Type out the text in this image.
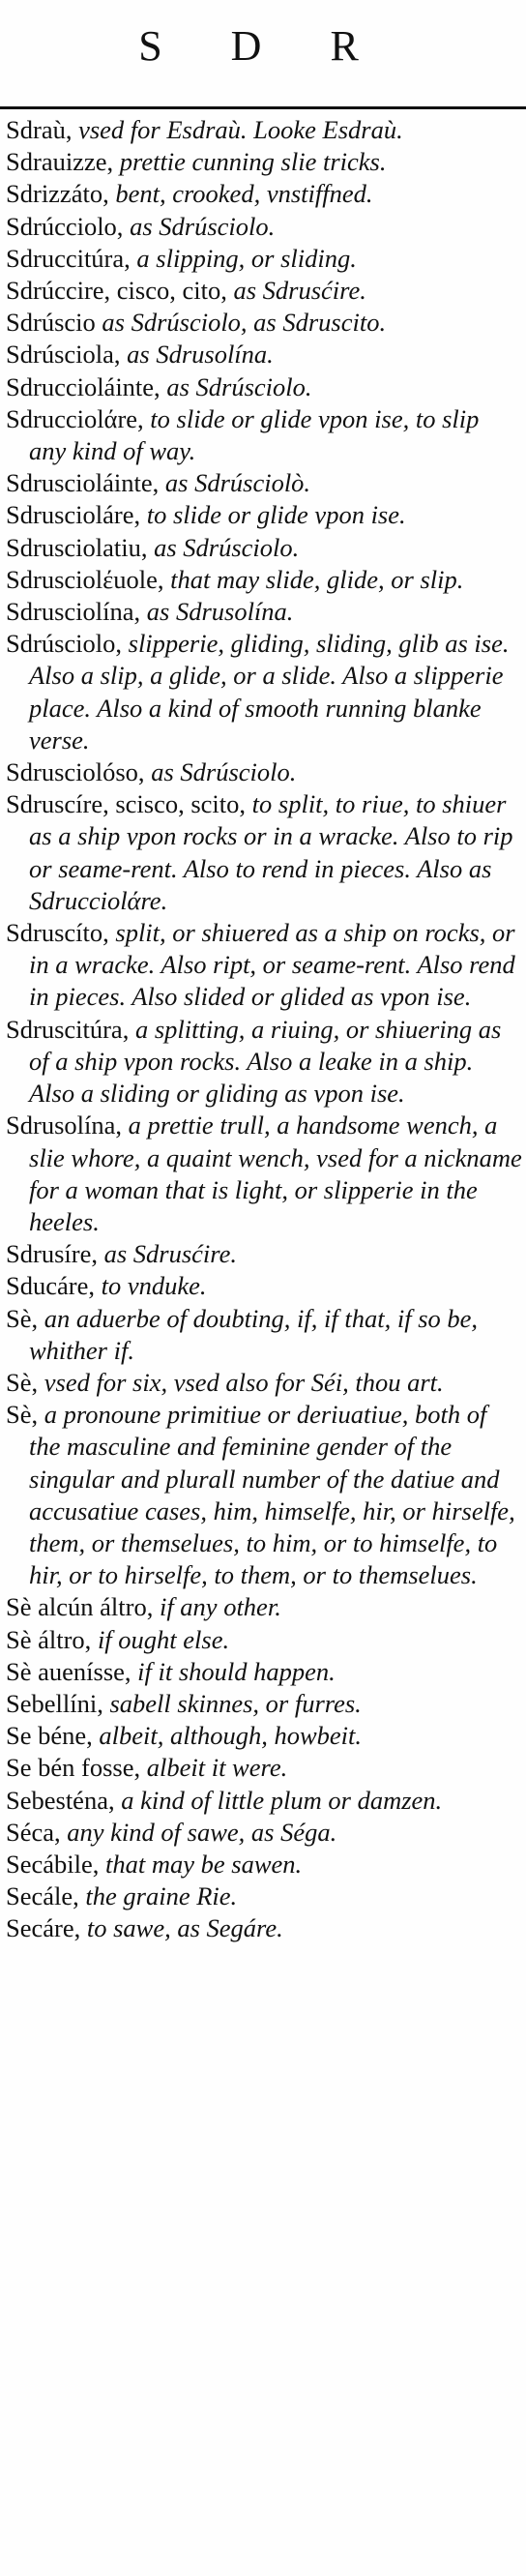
S D R

Sdraù, vsed for Esdraù. Looke Esdraù.

Sdrauizze, prettie cunning slie tricks.

Sdrizzáto, bent, crooked, vnstiffned.

Sdrúcciolo, as Sdrúsciolo.

Sdruccitúra, a slipping, or sliding.

Sdrúccire, cisco, cito, as Sdrusćire.

Sdrúscio as Sdrúsciolo, as Sdruscito.

Sdrúsciola, as Sdrusolína.

Sdruccioláinte, as Sdrúsciolo.

Sdrucciolάre, to slide or glide vpon ise, to slip any kind of way.

Sdruscioláinte, as Sdrúsciolò.

Sdruscioláre, to slide or glide vpon ise.

Sdrusciolatiu, as Sdrúsciolo.

Sdrusciolέuole, that may slide, glide, or slip.

Sdrusciolína, as Sdrusolína.

Sdrúsciolo, slipperie, gliding, sliding, glib as ise. Also a slip, a glide, or a slide. Also a slipperie place. Also a kind of smooth running blanke verse.

Sdrusciolóso, as Sdrúsciolo.

Sdruscíre, scisco, scito, to split, to riue, to shiuer as a ship vpon rocks or in a wracke. Also to rip or seame-rent. Also to rend in pieces. Also as Sdrucciolάre.

Sdruscíto, split, or shiuered as a ship on rocks, or in a wracke. Also ript, or seame-rent. Also rend in pieces. Also slided or glided as vpon ise.

Sdruscitúra, a splitting, a riuing, or shiuering as of a ship vpon rocks. Also a leake in a ship. Also a sliding or gliding as vpon ise.

Sdrusolína, a prettie trull, a handsome wench, a slie whore, a quaint wench, vsed for a nickname for a woman that is light, or slipperie in the heeles.

Sdrusíre, as Sdrusćire.

Sducáre, to vnduke.

Sè, an aduerbe of doubting, if, if that, if so be, whither if.

Sè, vsed for six, vsed also for Séi, thou art.

Sè, a pronoune primitiue or deriuatiue, both of the masculine and feminine gender of the singular and plurall number of the datiue and accusatiue cases, him, himselfe, hir, or hirselfe, them, or themselues, to him, or to himselfe, to hir, or to hirselfe, to them, or to themselues.

Sè alcún áltro, if any other.

Sè áltro, if ought else.

Sè auenísse, if it should happen.

Sebellíni, sabell skinnes, or furres.

Se béne, albeit, although, howbeit.

Se bén fosse, albeit it were.

Sebesténa, a kind of little plum or damzen.

Séca, any kind of sawe, as Séga.

Secábile, that may be sawen.

Secále, the graine Rie.

Secáre, to sawe, as Segáre.
